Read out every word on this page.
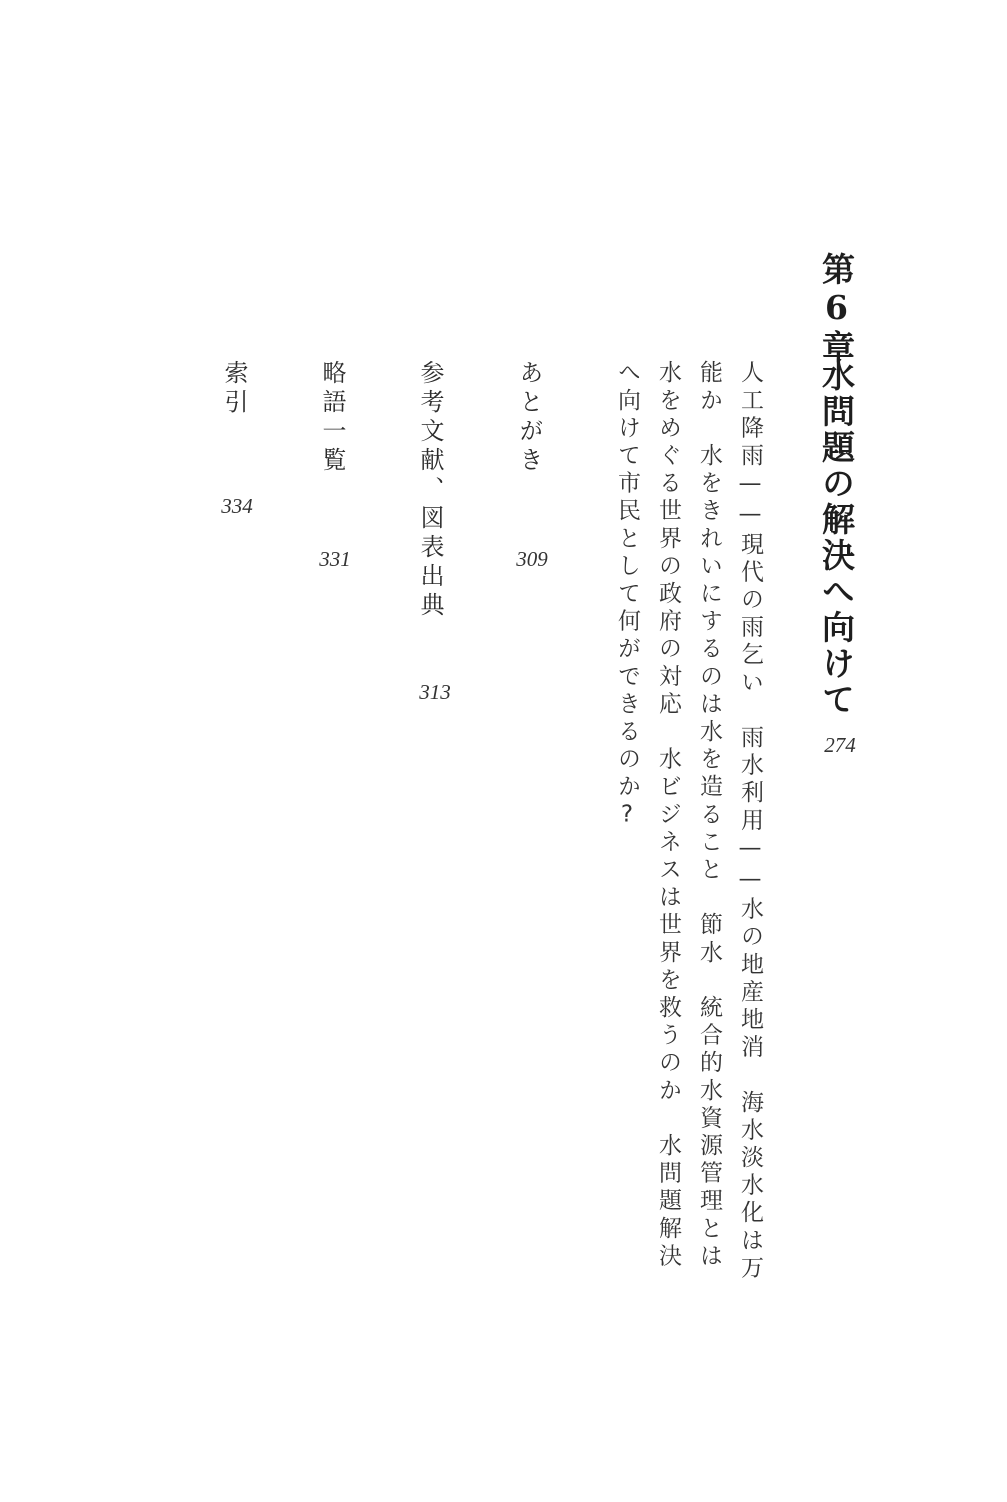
第6章
水問題の解決へ向けて
274
人工降雨——現代の雨乞い　雨水利用——水の地産地消　海水淡水化は万
能か　水をきれいにするのは水を造ること　節水　統合的水資源管理とは
水をめぐる世界の政府の対応　水ビジネスは世界を救うのか　水問題解決
へ向けて市民として何ができるのか?
あとがき
309
参考文献、図表出典
313
略語一覧
331
索引
334
